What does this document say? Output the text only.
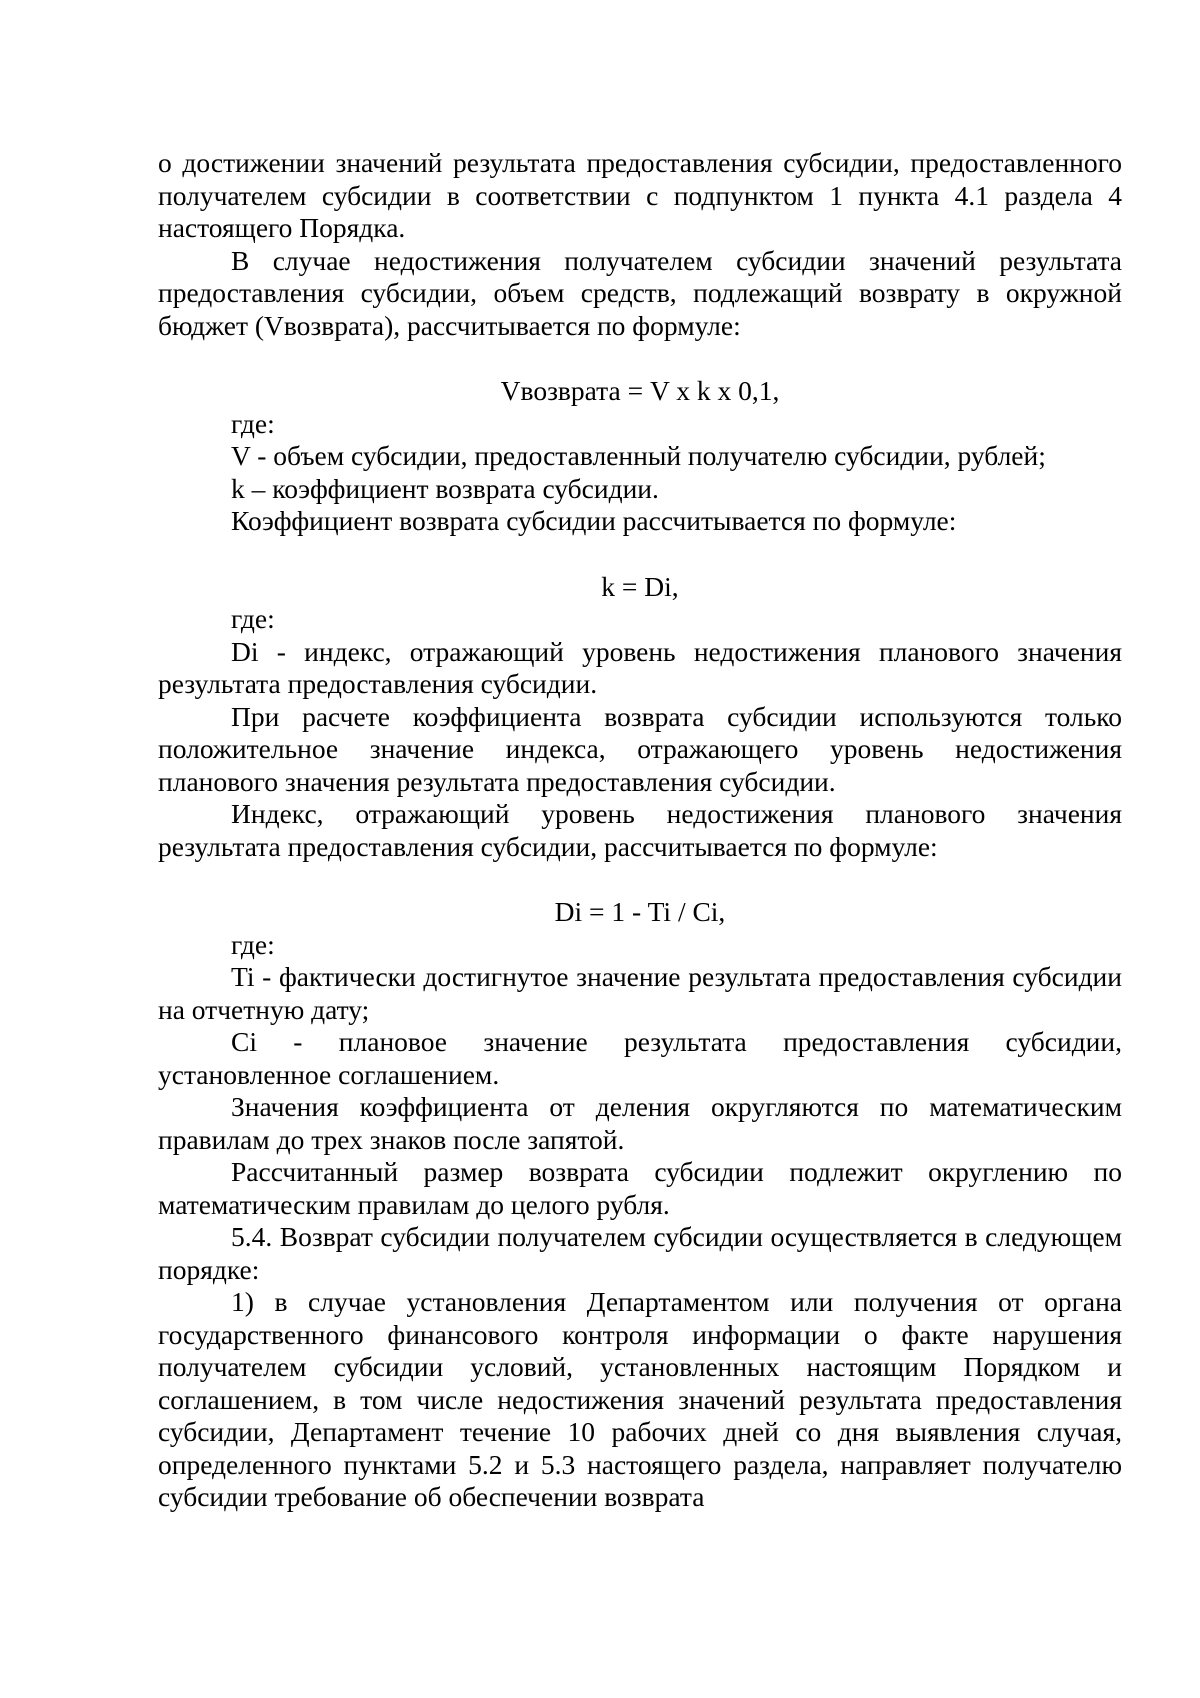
о достижении значений результата предоставления субсидии, предоставленного получателем субсидии в соответствии с подпунктом 1 пункта 4.1 раздела 4 настоящего Порядка.

В случае недостижения получателем субсидии значений результата предоставления субсидии, объем средств, подлежащий возврату в окружной бюджет (Vвозврата), рассчитывается по формуле:

Vвозврата = V x k x 0,1,

где:

V - объем субсидии, предоставленный получателю субсидии, рублей;

k – коэффициент возврата субсидии.

Коэффициент возврата субсидии рассчитывается по формуле:

k = Di,

где:

Di - индекс, отражающий уровень недостижения планового значения результата предоставления субсидии.

При расчете коэффициента возврата субсидии используются только положительное значение индекса, отражающего уровень недостижения планового значения результата предоставления субсидии.

Индекс, отражающий уровень недостижения планового значения результата предоставления субсидии, рассчитывается по формуле:

Di = 1 - Ti / Ci,

где:

Ti - фактически достигнутое значение результата предоставления субсидии на отчетную дату;

Ci - плановое значение результата предоставления субсидии, установленное соглашением.

Значения коэффициента от деления округляются по математическим правилам до трех знаков после запятой.

Рассчитанный размер возврата субсидии подлежит округлению по математическим правилам до целого рубля.

5.4. Возврат субсидии получателем субсидии осуществляется в следующем порядке:

1) в случае установления Департаментом или получения от органа государственного финансового контроля информации о факте нарушения получателем субсидии условий, установленных настоящим Порядком и соглашением, в том числе недостижения значений результата предоставления субсидии, Департамент течение 10 рабочих дней со дня выявления случая, определенного пунктами 5.2 и 5.3 настоящего раздела, направляет получателю субсидии требование об обеспечении возврата
